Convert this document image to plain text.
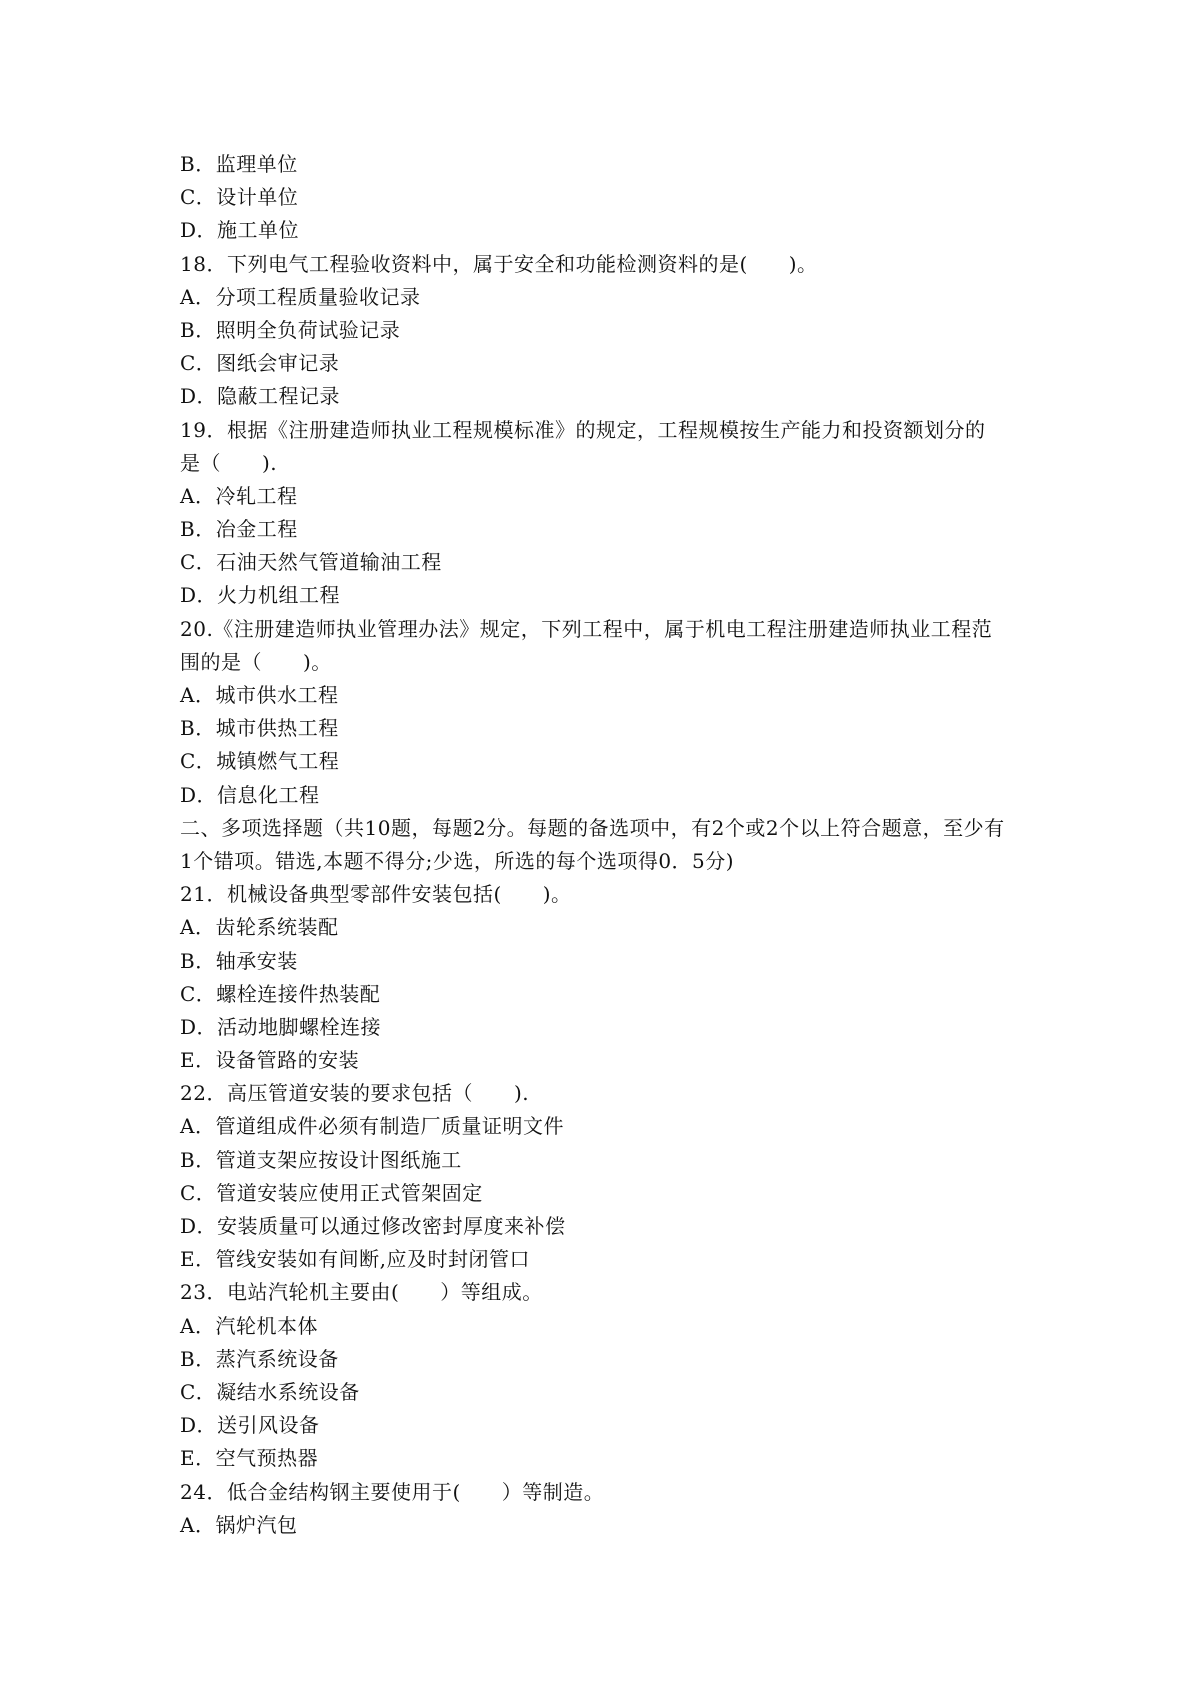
B．监理单位
C．设计单位
D．施工单位
18．下列电气工程验收资料中，属于安全和功能检测资料的是(　　)。
A．分项工程质量验收记录
B．照明全负荷试验记录
C．图纸会审记录
D．隐蔽工程记录
19．根据《注册建造师执业工程规模标准》的规定，工程规模按生产能力和投资额划分的
是（　　).
A．冷轧工程
B．冶金工程
C．石油天然气管道输油工程
D．火力机组工程
20.《注册建造师执业管理办法》规定，下列工程中，属于机电工程注册建造师执业工程范
围的是（　　)。
A．城市供水工程
B．城市供热工程
C．城镇燃气工程
D．信息化工程
二、多项选择题（共10题，每题2分。每题的备选项中，有2个或2个以上符合题意，至少有
1个错项。错选,本题不得分;少选，所选的每个选项得0．5分)
21．机械设备典型零部件安装包括(　　)。
A．齿轮系统装配
B．轴承安装
C．螺栓连接件热装配
D．活动地脚螺栓连接
E．设备管路的安装
22．高压管道安装的要求包括（　　).
A．管道组成件必须有制造厂质量证明文件
B．管道支架应按设计图纸施工
C．管道安装应使用正式管架固定
D．安装质量可以通过修改密封厚度来补偿
E．管线安装如有间断,应及时封闭管口
23．电站汽轮机主要由(　　）等组成。
A．汽轮机本体
B．蒸汽系统设备
C．凝结水系统设备
D．送引风设备
E．空气预热器
24．低合金结构钢主要使用于(　　）等制造。
A．锅炉汽包
